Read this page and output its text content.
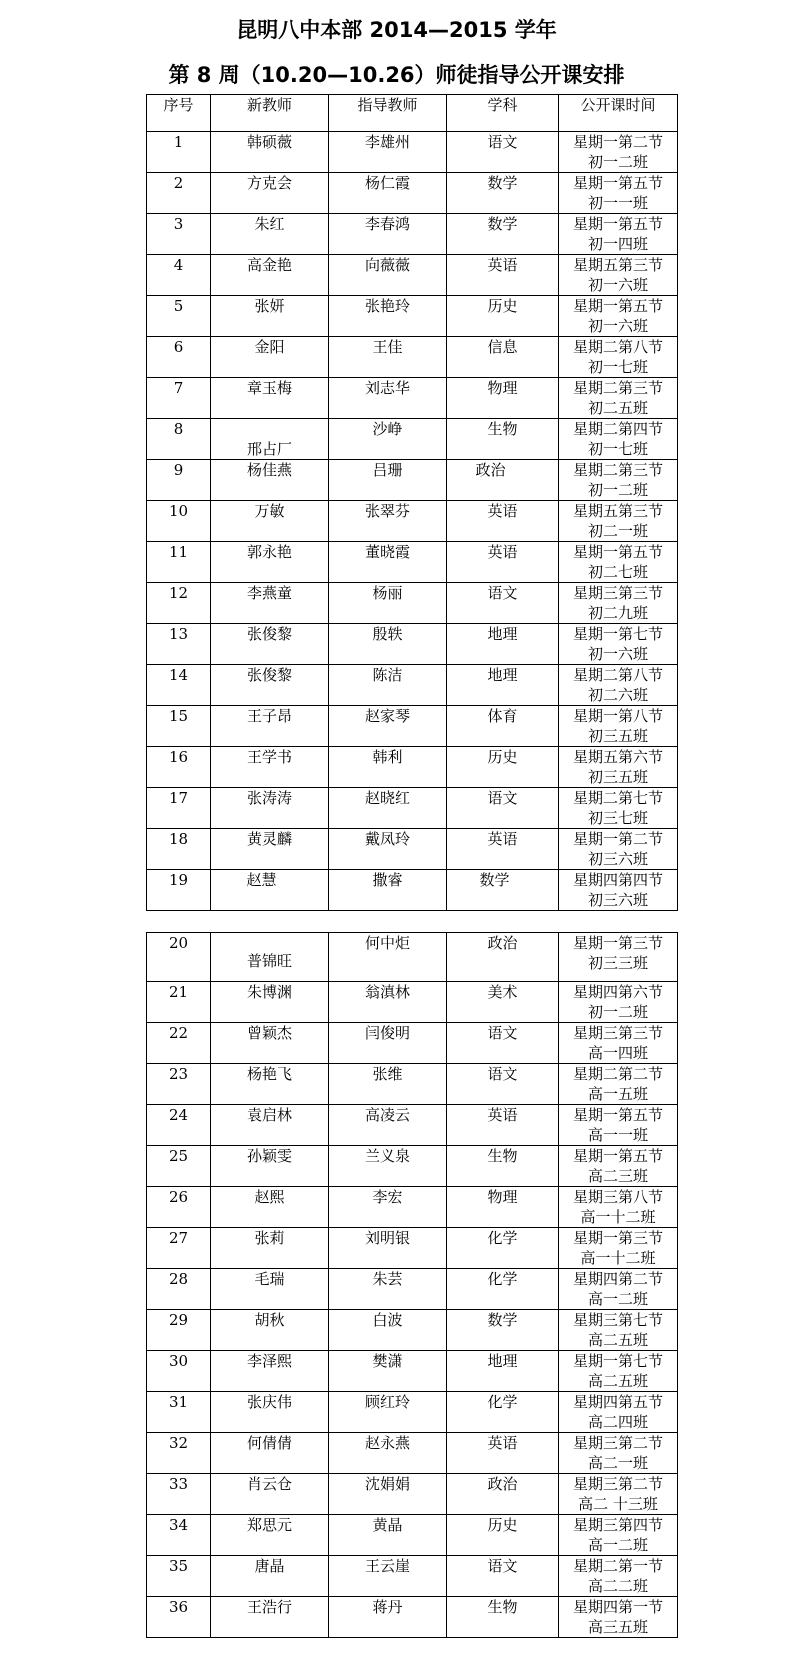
昆明八中本部 2014—2015 学年
第 8 周（10.20—10.26）师徒指导公开课安排
序号	新教师	指导教师	学科	公开课时间
1	韩硕薇	李雄州	语文	星期一第二节
初一二班

2	方克会	杨仁霞	数学	星期一第五节
初一一班

3	朱红	李春鸿	数学	星期一第五节
初一四班

4	高金艳	向薇薇	英语	星期五第三节
初一六班

5	张妍	张艳玲	历史	星期一第五节
初一六班

6	金阳	王佳	信息	星期二第八节
初一七班

7	章玉梅	刘志华	物理	星期二第三节
初二五班

8	邢占厂	沙峥	生物	星期二第四节
初一七班

9	杨佳燕	吕珊	政治	星期二第三节
初一二班

10	万敏	张翠芬	英语	星期五第三节
初二一班

11	郭永艳	董晓霞	英语	星期一第五节
初二七班

12	李燕童	杨丽	语文	星期三第三节
初二九班

13	张俊黎	殷轶	地理	星期一第七节
初一六班

14	张俊黎	陈洁	地理	星期二第八节
初二六班

15	王子昂	赵家琴	体育	星期一第八节
初三五班

16	王学书	韩利	历史	星期五第六节
初三五班

17	张涛涛	赵晓红	语文	星期二第七节
初三七班

18	黄灵麟	戴凤玲	英语	星期一第二节
初三六班

19	赵慧	撒睿	数学	星期四第四节
初三六班
20	普锦旺	何中炬	政治	星期一第三节
初三三班

21	朱博渊	翁滇林	美术	星期四第六节
初一二班

22	曾颖杰	闫俊明	语文	星期三第三节
高一四班

23	杨艳飞	张维	语文	星期二第二节
高一五班

24	袁启林	高凌云	英语	星期一第五节
高一一班

25	孙颖雯	兰义泉	生物	星期一第五节
高二三班

26	赵熙	李宏	物理	星期三第八节
高一十二班

27	张莉	刘明银	化学	星期一第三节
高一十二班

28	毛瑞	朱芸	化学	星期四第二节
高一二班

29	胡秋	白波	数学	星期三第七节
高二五班

30	李泽熙	樊潇	地理	星期一第七节
高二五班

31	张庆伟	顾红玲	化学	星期四第五节
高二四班

32	何倩倩	赵永燕	英语	星期三第二节
高二一班

33	肖云仓	沈娟娟	政治	星期三第二节
高二 十三班

34	郑思元	黄晶	历史	星期三第四节
高一二班

35	唐晶	王云崖	语文	星期二第一节
高二二班

36	王浩行	蒋丹	生物	星期四第一节
高三五班
